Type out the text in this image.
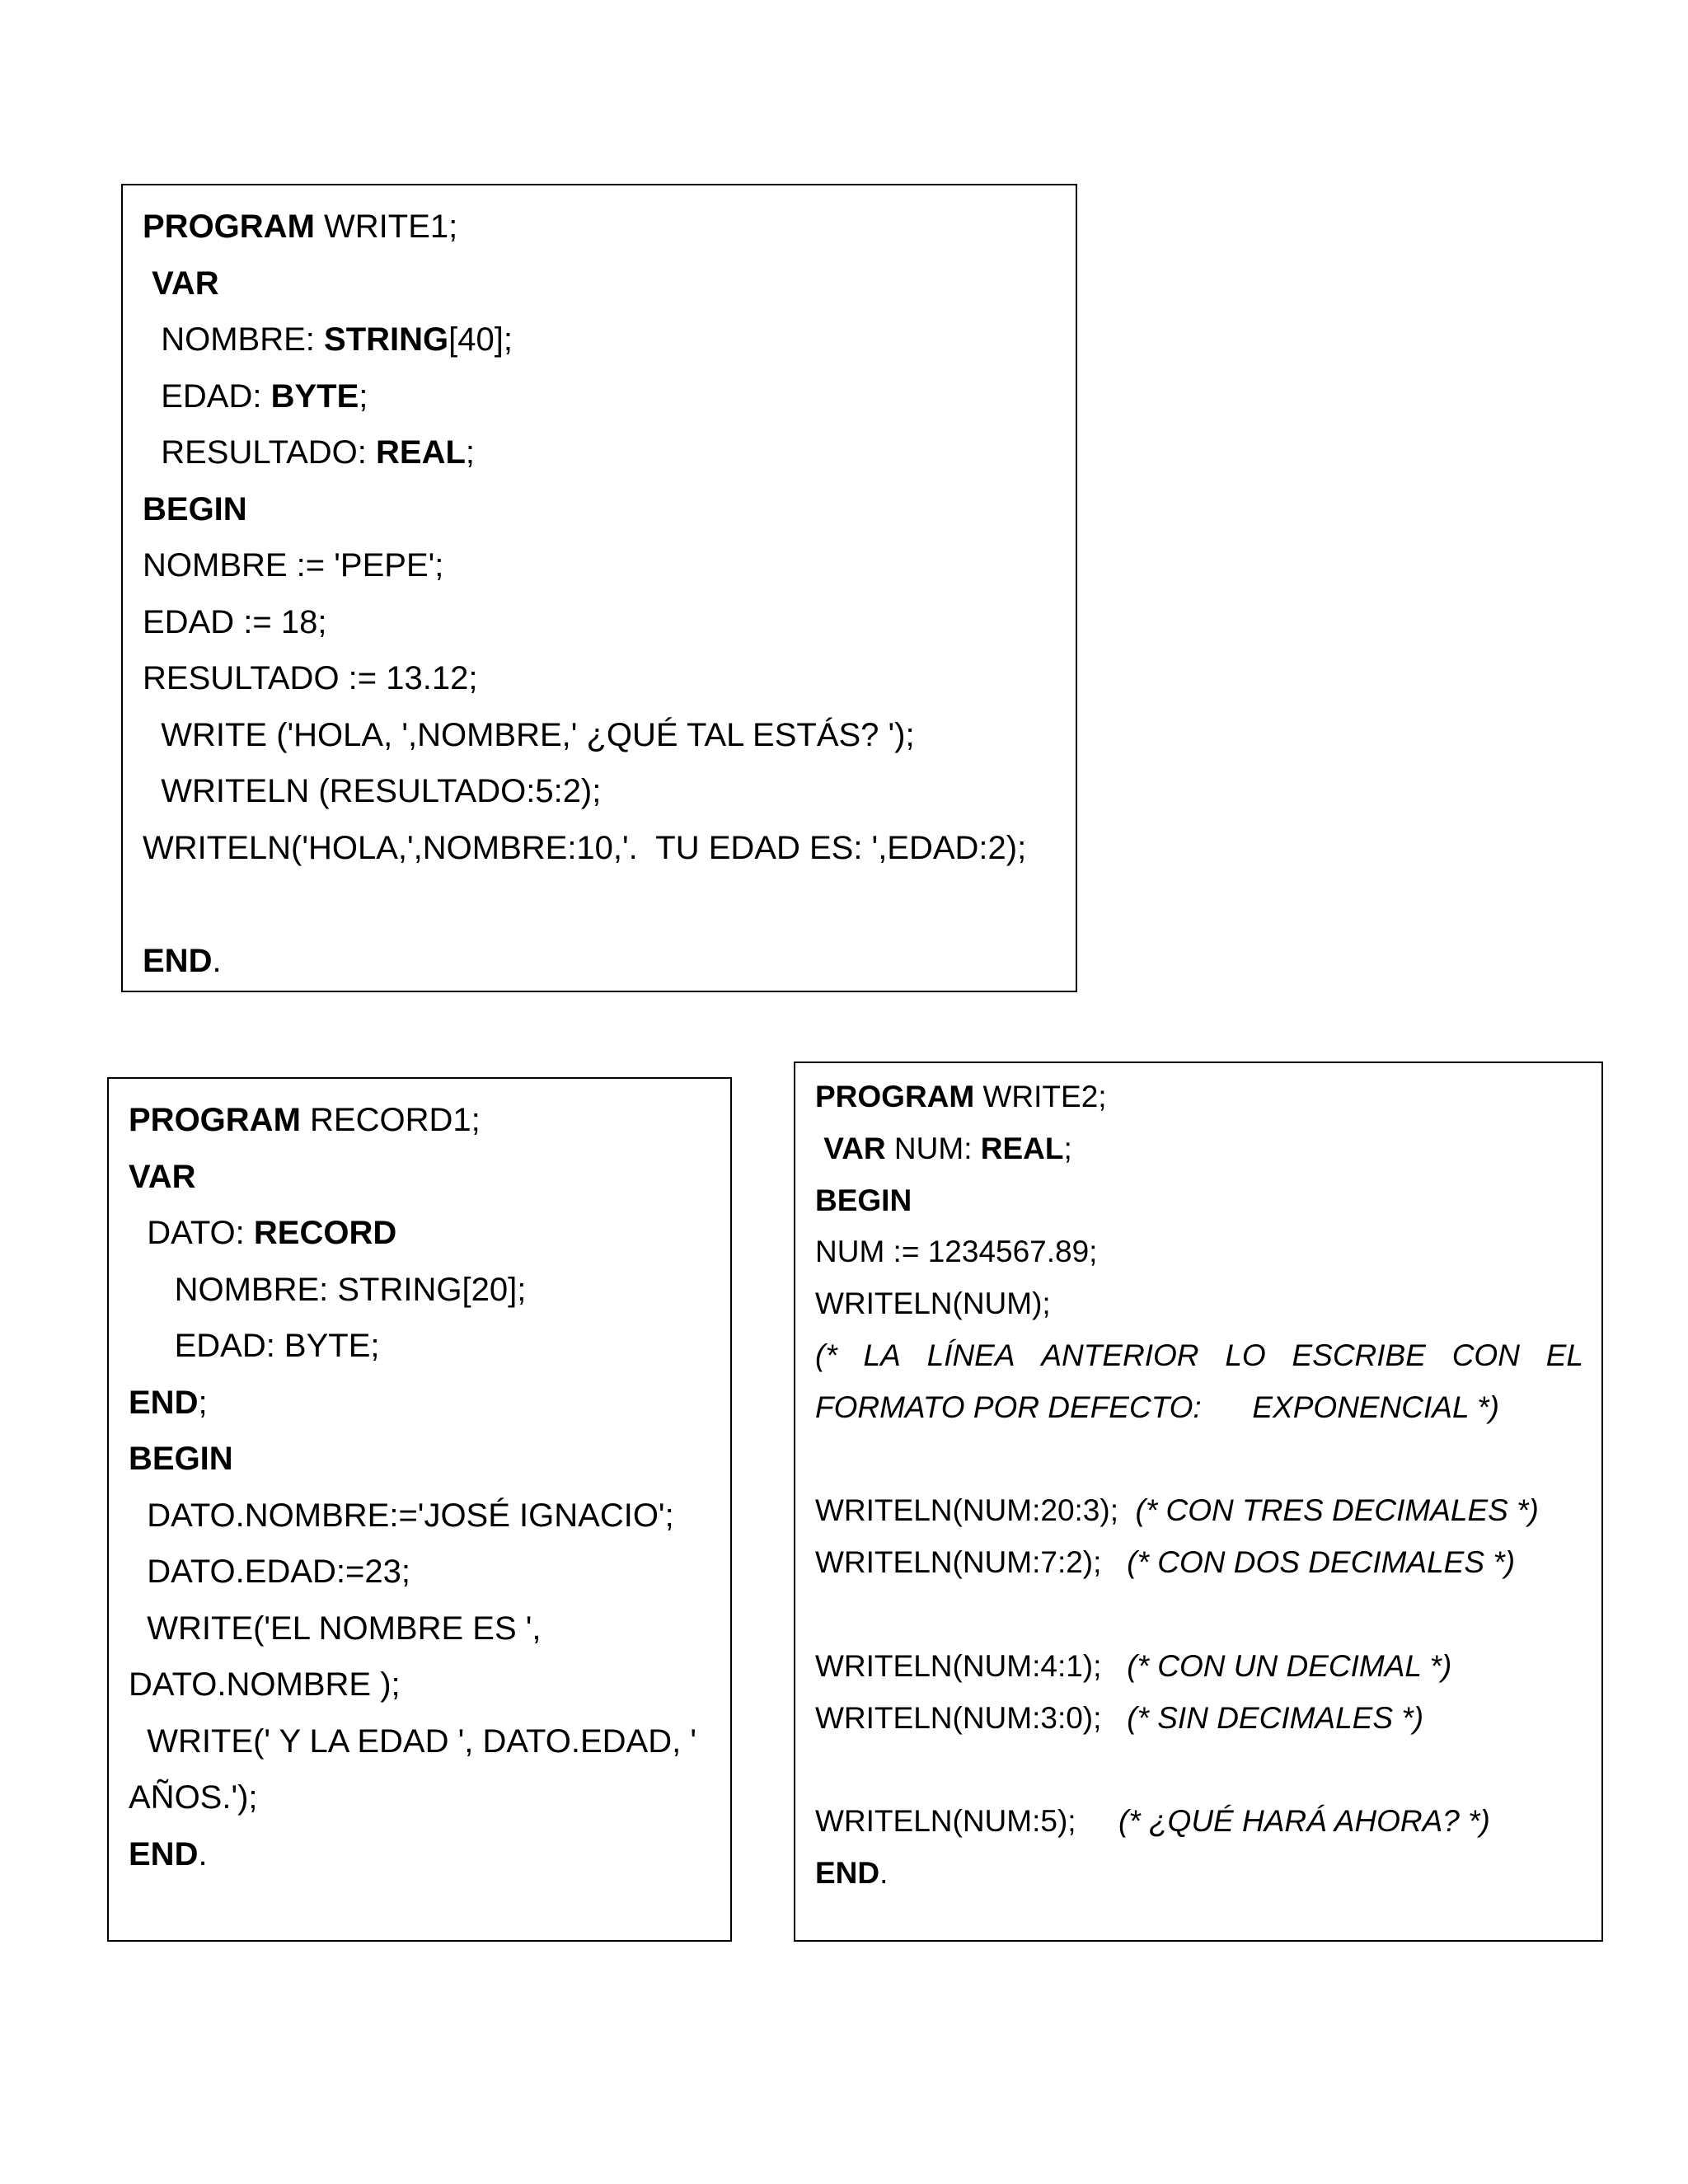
PROGRAM WRITE1;
VAR
NOMBRE: STRING[40];
EDAD: BYTE;
RESULTADO: REAL;
BEGIN
NOMBRE := 'PEPE';
EDAD := 18;
RESULTADO := 13.12;
WRITE ('HOLA, ',NOMBRE,' ¿QUÉ TAL ESTÁS? ');
WRITELN (RESULTADO:5:2);
WRITELN('HOLA,',NOMBRE:10,'.  TU EDAD ES: ',EDAD:2);
END.
PROGRAM RECORD1;
VAR
DATO: RECORD
NOMBRE: STRING[20];
EDAD: BYTE;
END;
BEGIN
DATO.NOMBRE:='JOSÉ IGNACIO';
DATO.EDAD:=23;
WRITE('EL NOMBRE ES ',
DATO.NOMBRE );
WRITE(' Y LA EDAD ', DATO.EDAD, '
AÑOS.');
END.
PROGRAM WRITE2;
VAR NUM: REAL;
BEGIN
NUM := 1234567.89;
WRITELN(NUM);
(* LA LÍNEA ANTERIOR LO ESCRIBE CON EL
FORMATO POR DEFECTO:      EXPONENCIAL *)
WRITELN(NUM:20:3);  (* CON TRES DECIMALES *)
WRITELN(NUM:7:2);   (* CON DOS DECIMALES *)
WRITELN(NUM:4:1);   (* CON UN DECIMAL *)
WRITELN(NUM:3:0);   (* SIN DECIMALES *)
WRITELN(NUM:5);     (* ¿QUÉ HARÁ AHORA? *)
END.
